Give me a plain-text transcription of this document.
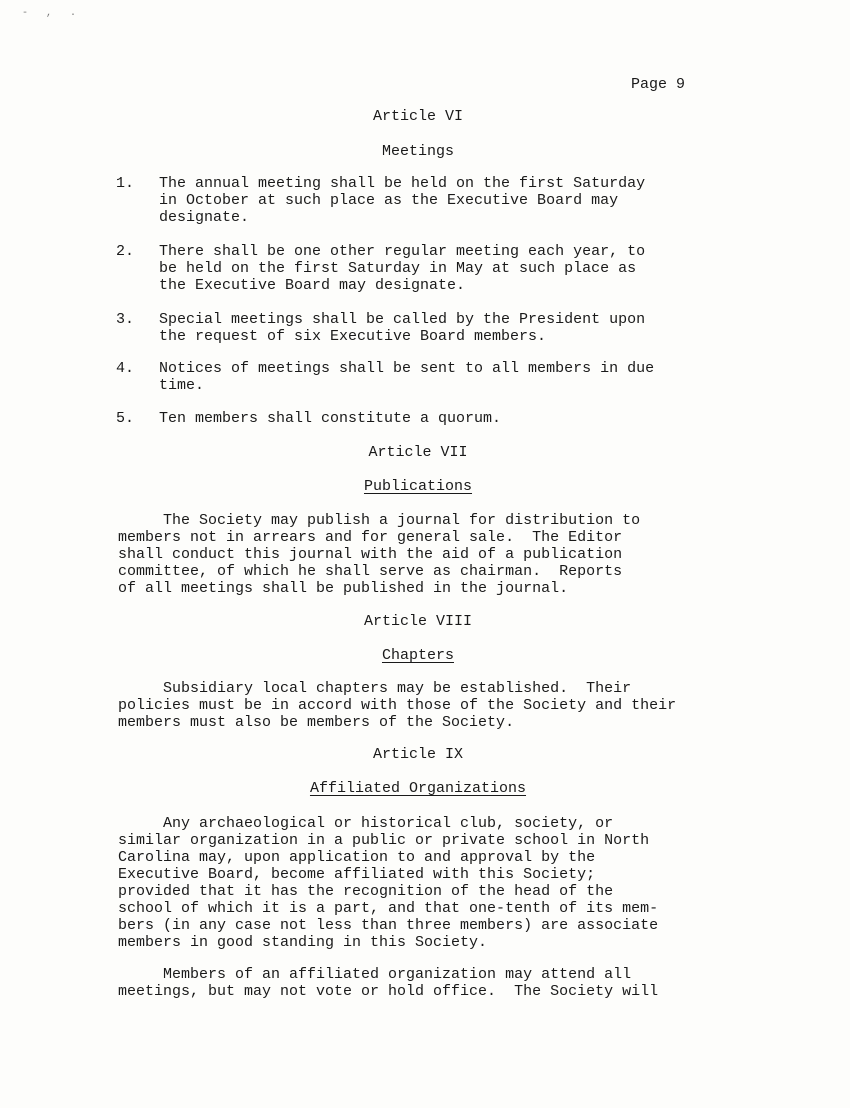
- , .
Page 9
Article VI
Meetings
1.	The annual meeting shall be held on the first Saturday
in October at such place as the Executive Board may
designate.
2.	There shall be one other regular meeting each year, to
be held on the first Saturday in May at such place as
the Executive Board may designate.
3.	Special meetings shall be called by the President upon
the request of six Executive Board members.
4.	Notices of meetings shall be sent to all members in due
time.
5.	Ten members shall constitute a quorum.
Article VII
Publications
The Society may publish a journal for distribution to
members not in arrears and for general sale.  The Editor
shall conduct this journal with the aid of a publication
committee, of which he shall serve as chairman.  Reports
of all meetings shall be published in the journal.
Article VIII
Chapters
Subsidiary local chapters may be established.  Their
policies must be in accord with those of the Society and their
members must also be members of the Society.
Article IX
Affiliated Organizations
Any archaeological or historical club, society, or
similar organization in a public or private school in North
Carolina may, upon application to and approval by the
Executive Board, become affiliated with this Society;
provided that it has the recognition of the head of the
school of which it is a part, and that one-tenth of its mem-
bers (in any case not less than three members) are associate
members in good standing in this Society.
Members of an affiliated organization may attend all
meetings, but may not vote or hold office.  The Society will
